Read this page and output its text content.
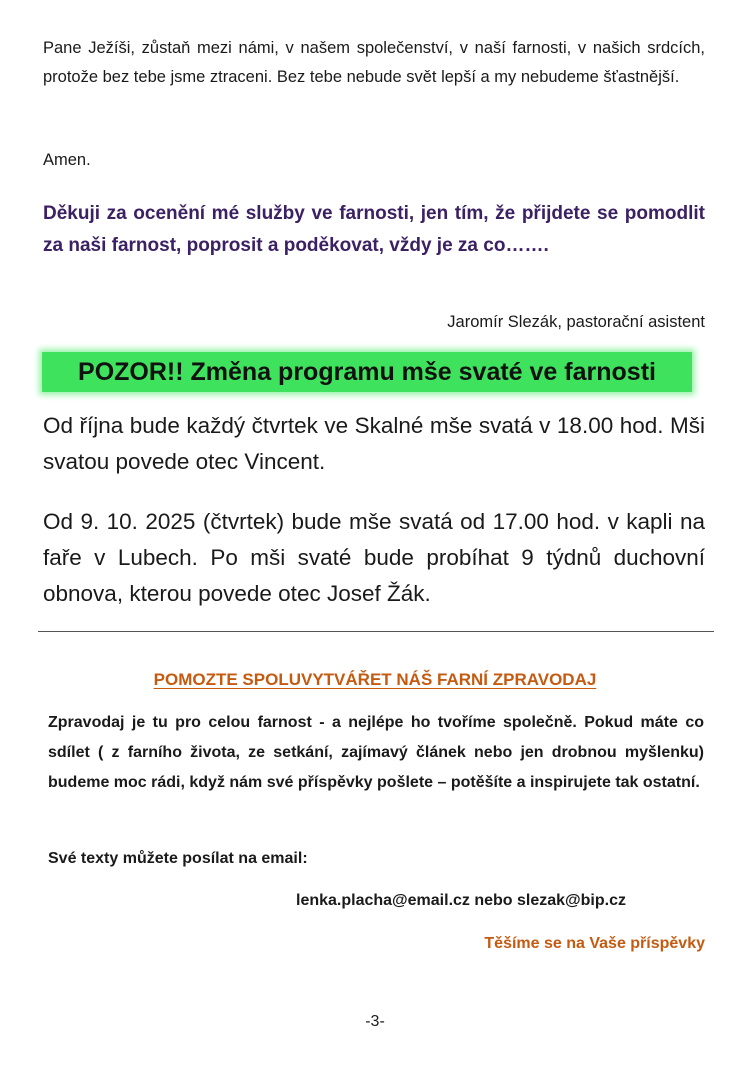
Pane Ježíši, zůstaň mezi námi, v našem společenství, v naší farnosti, v našich srdcích, protože bez tebe jsme ztraceni. Bez tebe nebude svět lepší a my nebudeme šťastnější.

Amen.

Děkuji za ocenění mé služby ve farnosti, jen tím, že přijdete se pomodlit za naši farnost, poprosit a poděkovat, vždy je za co…….

Jaromír Slezák, pastorační asistent

POZOR!! Změna programu mše svaté ve farnosti

Od října bude každý čtvrtek ve Skalné mše svatá v 18.00 hod. Mši svatou povede otec Vincent.

Od 9. 10. 2025 (čtvrtek) bude mše svatá od 17.00 hod. v kapli na faře v Lubech. Po mši svaté bude probíhat 9 týdnů duchovní obnova, kterou povede otec Josef Žák.

POMOZTE SPOLUVYTVÁŘET NÁŠ FARNÍ ZPRAVODAJ

Zpravodaj je tu pro celou farnost - a nejlépe ho tvoříme společně. Pokud máte co sdílet ( z farního života, ze setkání, zajímavý článek nebo jen drobnou myšlenku) budeme moc rádi, když nám své příspěvky pošlete – potěšíte a inspirujete tak ostatní.

Své texty můžete posílat na email:

lenka.placha@email.cz nebo slezak@bip.cz

Těšíme se na Vaše příspěvky

-3-
